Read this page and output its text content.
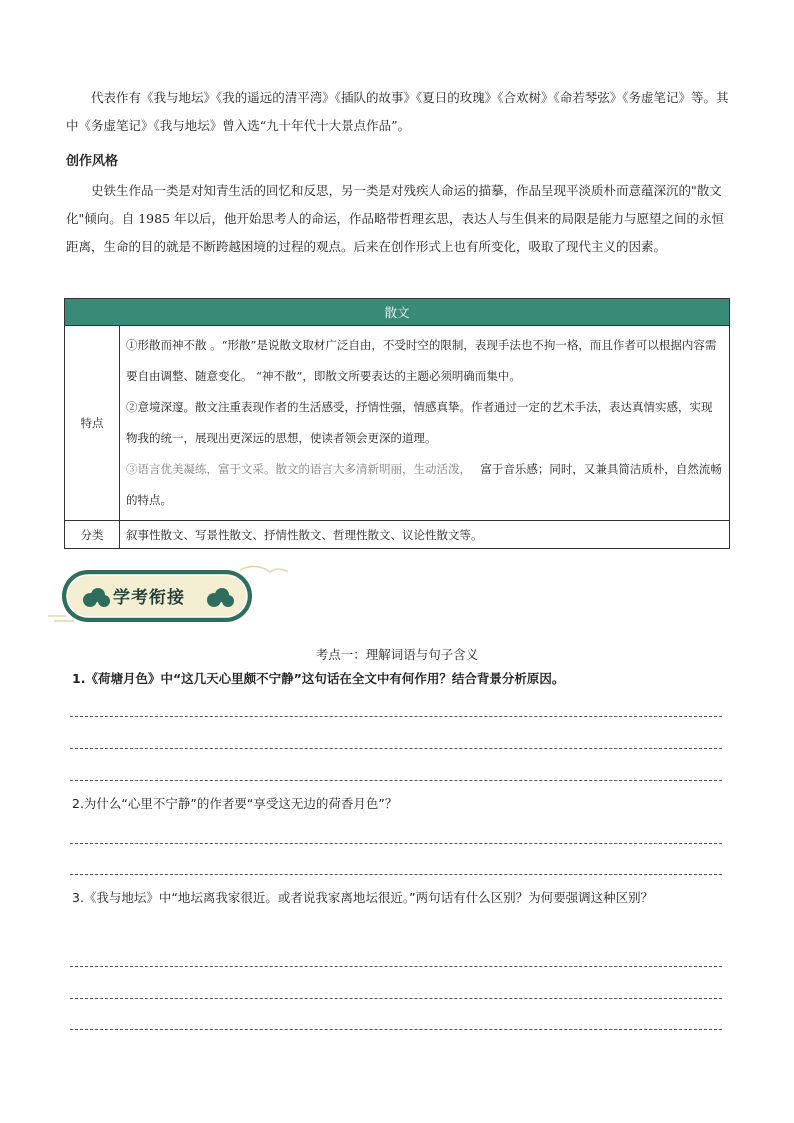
代表作有《我与地坛》《我的遥远的清平湾》《插队的故事》《夏日的玫瑰》《合欢树》《命若琴弦》《务虚笔记》等。其中《务虚笔记》《我与地坛》曾入选“九十年代十大景点作品”。

创作风格

史铁生作品一类是对知青生活的回忆和反思，另一类是对残疾人命运的描摹，作品呈现平淡质朴而意蕴深沉的"散文化"倾向。自 1985 年以后，他开始思考人的命运，作品略带哲理玄思，表达人与生俱来的局限是能力与愿望之间的永恒距离，生命的目的就是不断跨越困境的过程的观点。后来在创作形式上也有所变化，吸取了现代主义的因素。

散文	
特点	①形散而神不散 。“形散”是说散文取材广泛自由，不受时空的限制，表现手法也不拘一格，而且作者可以根据内容需要自由调整、随意变化。 “神不散”，即散文所要表达的主题必须明确而集中。

②意境深邃。散文注重表现作者的生活感受，抒情性强，情感真挚。作者通过一定的艺术手法，表达真情实感，实现物我的统一，展现出更深远的思想，使读者领会更深的道理。

③语言优美凝练，富于文采。散文的语言大多清新明丽，生动活泼，　 富于音乐感；同时，又兼具简洁质朴，自然流畅的特点。

分类	叙事性散文、写景性散文、抒情性散文、哲理性散文、议论性散文等。
学考衔接
考点一：理解词语与句子含义

1.《荷塘月色》中“这几天心里颇不宁静”这句话在全文中有何作用？结合背景分析原因。

2.为什么“心里不宁静”的作者要“享受这无边的荷香月色”？

3.《我与地坛》中“地坛离我家很近。或者说我家离地坛很近。”两句话有什么区别？为何要强调这种区别？
